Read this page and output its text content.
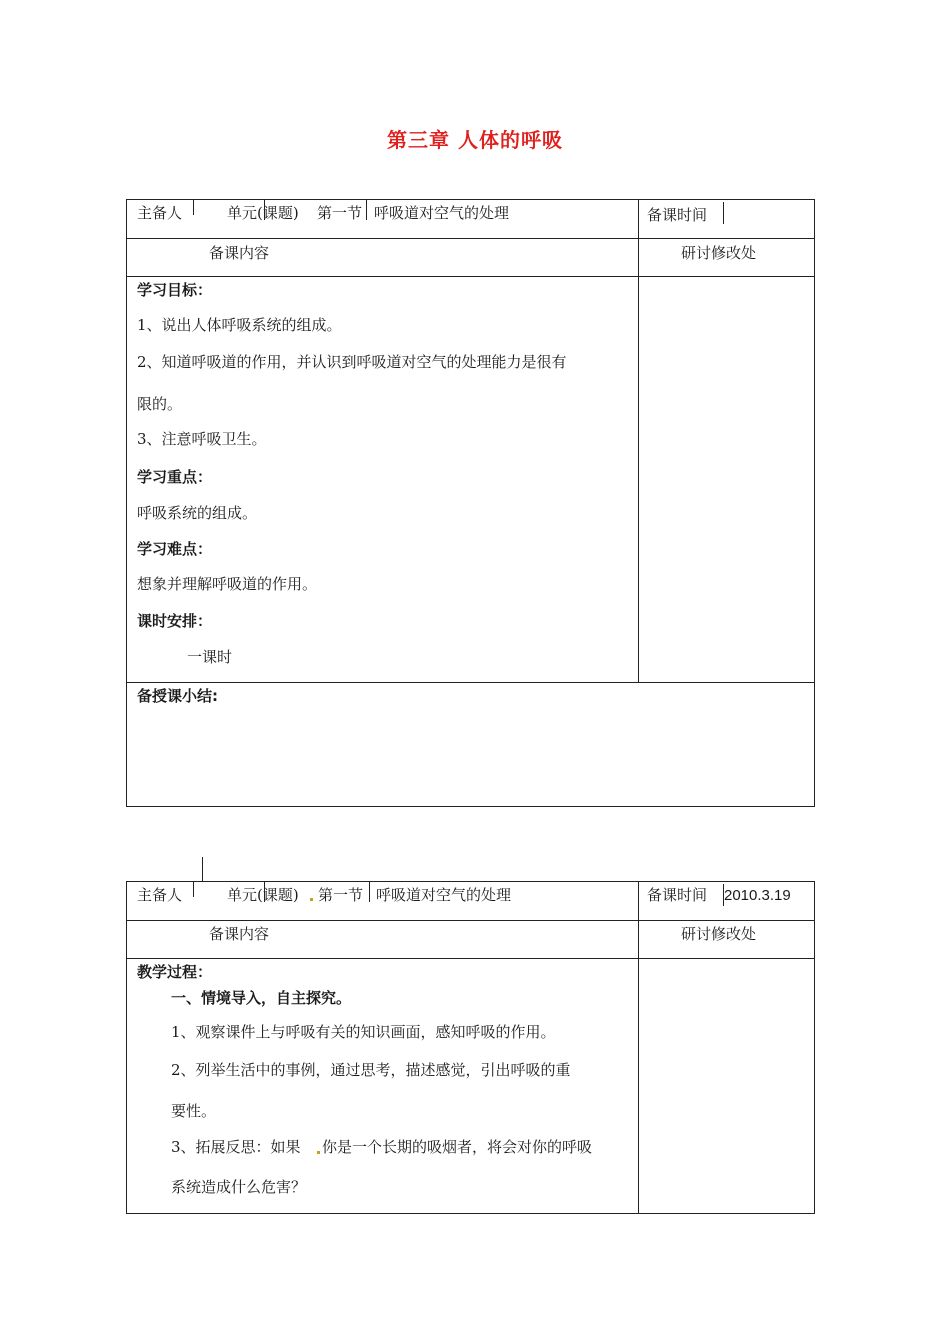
第三章 人体的呼吸
主备人	单元(课题) 第一节 呼吸道对空气的处理	备课时间
备课内容	研讨修改处
学习目标：
1、说出人体呼吸系统的组成。
2、知道呼吸道的作用，并认识到呼吸道对空气的处理能力是很有
限的。
3、注意呼吸卫生。
学习重点：
呼吸系统的组成。
学习难点：
想象并理解呼吸道的作用。
课时安排：
一课时
备授课小结:
主备人	单元(课题) 第一节 呼吸道对空气的处理	备课时间 2010.3.19
备课内容	研讨修改处
教学过程：
一、情境导入，自主探究。
1、观察课件上与呼吸有关的知识画面，感知呼吸的作用。
2、列举生活中的事例，通过思考，描述感觉，引出呼吸的重
要性。
3、拓展反思：如果 你是一个长期的吸烟者，将会对你的呼吸
系统造成什么危害？
